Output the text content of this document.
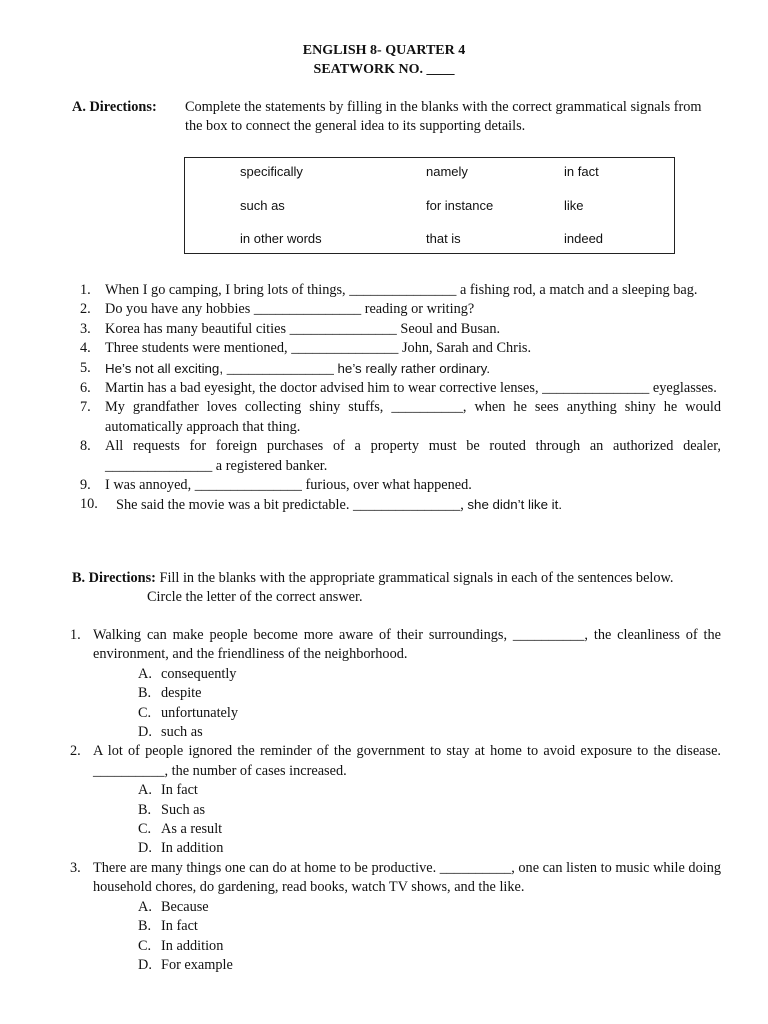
ENGLISH 8- QUARTER 4
SEATWORK NO. ____
A. Directions: Complete the statements by filling in the blanks with the correct grammatical signals from the box to connect the general idea to its supporting details.
specifically	namely	in fact
such as	for instance	like
in other words	that is	indeed
1. When I go camping, I bring lots of things, _______________ a fishing rod, a match and a sleeping bag.
2. Do you have any hobbies _______________ reading or writing?
3. Korea has many beautiful cities _______________ Seoul and Busan.
4. Three students were mentioned, _______________ John, Sarah and Chris.
5. He’s not all exciting, _______________ he’s really rather ordinary.
6. Martin has a bad eyesight, the doctor advised him to wear corrective lenses, _______________ eyeglasses.
7. My grandfather loves collecting shiny stuffs, __________, when he sees anything shiny he would automatically approach that thing.
8. All requests for foreign purchases of a property must be routed through an authorized dealer, _______________ a registered banker.
9. I was annoyed, _______________ furious, over what happened.
10. She said the movie was a bit predictable. _______________, she didn’t like it.
B. Directions: Fill in the blanks with the appropriate grammatical signals in each of the sentences below.
Circle the letter of the correct answer.
1. Walking can make people become more aware of their surroundings, __________, the cleanliness of the environment, and the friendliness of the neighborhood.
A. consequently
B. despite
C. unfortunately
D. such as
2. A lot of people ignored the reminder of the government to stay at home to avoid exposure to the disease. __________, the number of cases increased.
A. In fact
B. Such as
C. As a result
D. In addition
3. There are many things one can do at home to be productive. __________, one can listen to music while doing household chores, do gardening, read books, watch TV shows, and the like.
A. Because
B. In fact
C. In addition
D. For example
